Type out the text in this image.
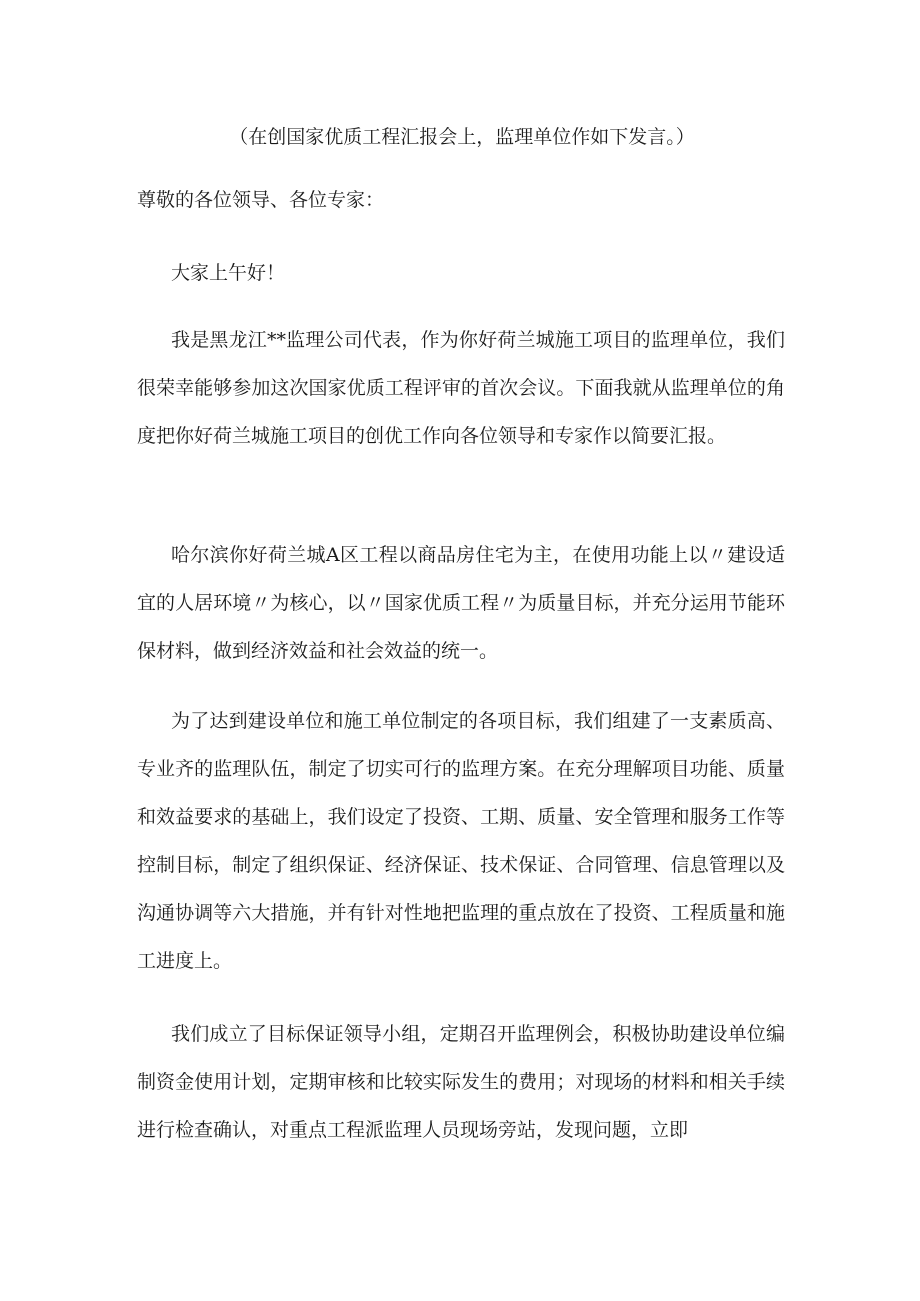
（在创国家优质工程汇报会上，监理单位作如下发言。）

尊敬的各位领导、各位专家：

大家上午好！

我是黑龙江**监理公司代表，作为你好荷兰城施工项目的监理单位，我们很荣幸能够参加这次国家优质工程评审的首次会议。下面我就从监理单位的角度把你好荷兰城施工项目的创优工作向各位领导和专家作以简要汇报。

哈尔滨你好荷兰城A区工程以商品房住宅为主，在使用功能上以〃建设适宜的人居环境〃为核心，以〃国家优质工程〃为质量目标，并充分运用节能环保材料，做到经济效益和社会效益的统一。

为了达到建设单位和施工单位制定的各项目标，我们组建了一支素质高、专业齐的监理队伍，制定了切实可行的监理方案。在充分理解项目功能、质量和效益要求的基础上，我们设定了投资、工期、质量、安全管理和服务工作等控制目标，制定了组织保证、经济保证、技术保证、合同管理、信息管理以及沟通协调等六大措施，并有针对性地把监理的重点放在了投资、工程质量和施工进度上。

我们成立了目标保证领导小组，定期召开监理例会，积极协助建设单位编制资金使用计划，定期审核和比较实际发生的费用；对现场的材料和相关手续进行检查确认，对重点工程派监理人员现场旁站，发现问题，立即
